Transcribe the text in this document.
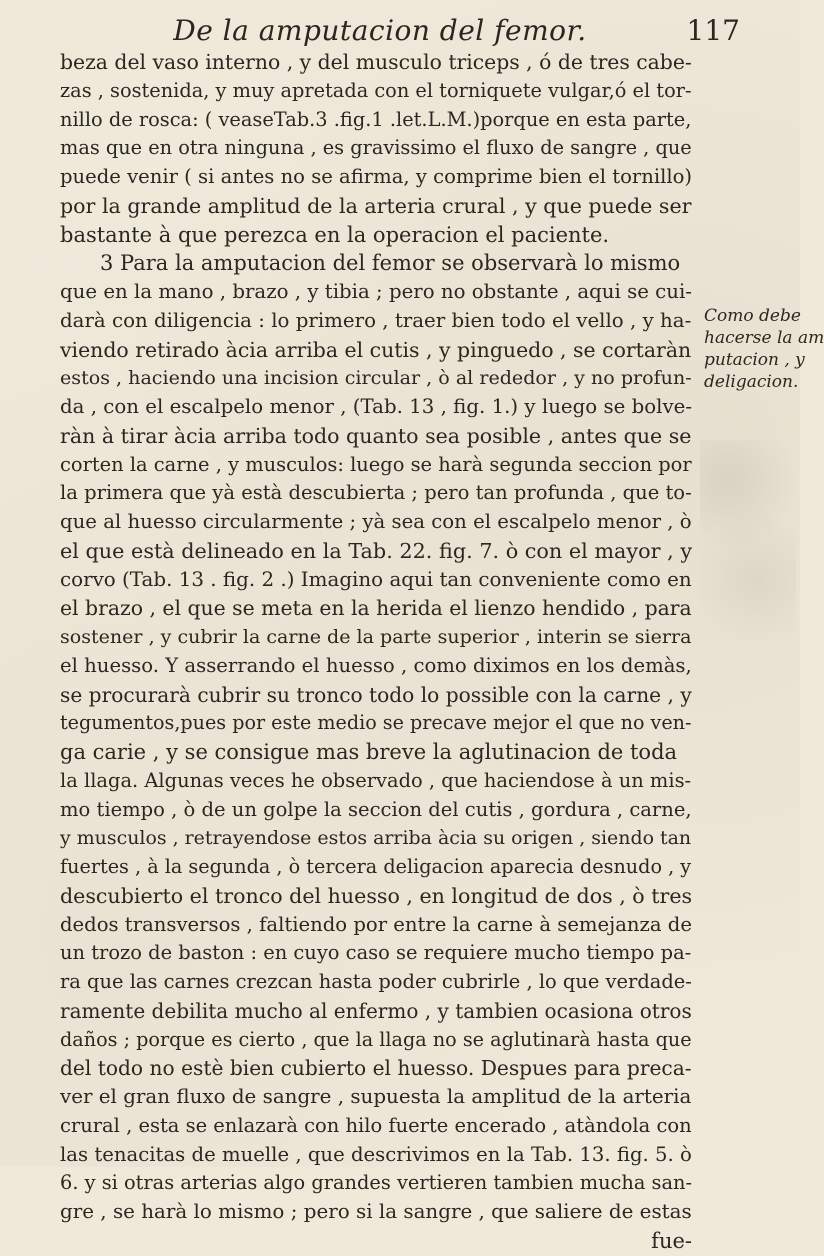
De la amputacion del femor.	117
beza del vaso interno , y del musculo triceps , ó de tres cabe-
zas , sostenida, y muy apretada con el torniquete vulgar,ó el tor-
nillo de rosca: ( veaseTab.3 .fig.1 .let.L.M.)porque en esta parte,
mas que en otra ninguna , es gravissimo el fluxo de sangre , que
puede venir ( si antes no se afirma, y comprime bien el tornillo)
por la grande amplitud de la arteria crural , y que puede ser
bastante à que perezca en la operacion el paciente.
3 Para la amputacion del femor se observarà lo mismo
que en la mano , brazo , y tibia ; pero no obstante , aqui se cui-
darà con diligencia : lo primero , traer bien todo el vello , y ha-
viendo retirado àcia arriba el cutis , y pinguedo , se cortaràn
estos , haciendo una incision circular , ò al rededor , y no profun-
da , con el escalpelo menor , (Tab. 13 , fig. 1.) y luego se bolve-
ràn à tirar àcia arriba todo quanto sea posible , antes que se
corten la carne , y musculos: luego se harà segunda seccion por
la primera que yà està descubierta ; pero tan profunda , que to-
que al huesso circularmente ; yà sea con el escalpelo menor , ò
el que està delineado en la Tab. 22. fig. 7. ò con el mayor , y
corvo (Tab. 13 . fig. 2 .) Imagino aqui tan conveniente como en
el brazo , el que se meta en la herida el lienzo hendido , para
sostener , y cubrir la carne de la parte superior , interin se sierra
el huesso. Y asserrando el huesso , como diximos en los demàs,
se procurarà cubrir su tronco todo lo possible con la carne , y
tegumentos,pues por este medio se precave mejor el que no ven-
ga carie , y se consigue mas breve la aglutinacion de toda
la llaga. Algunas veces he observado , que haciendose à un mis-
mo tiempo , ò de un golpe la seccion del cutis , gordura , carne,
y musculos , retrayendose estos arriba àcia su origen , siendo tan
fuertes , à la segunda , ò tercera deligacion aparecia desnudo , y
descubierto el tronco del huesso , en longitud de dos , ò tres
dedos transversos , faltiendo por entre la carne à semejanza de
un trozo de baston : en cuyo caso se requiere mucho tiempo pa-
ra que las carnes crezcan hasta poder cubrirle , lo que verdade-
ramente debilita mucho al enfermo , y tambien ocasiona otros
daños ; porque es cierto , que la llaga no se aglutinarà hasta que
del todo no estè bien cubierto el huesso. Despues para preca-
ver el gran fluxo de sangre , supuesta la amplitud de la arteria
crural , esta se enlazarà con hilo fuerte encerado , atàndola con
las tenacitas de muelle , que descrivimos en la Tab. 13. fig. 5. ò
6. y si otras arterias algo grandes vertieren tambien mucha san-
gre , se harà lo mismo ; pero si la sangre , que saliere de estas
fue-
Como debe
hacerse la am
putacion , y
deligacion.
